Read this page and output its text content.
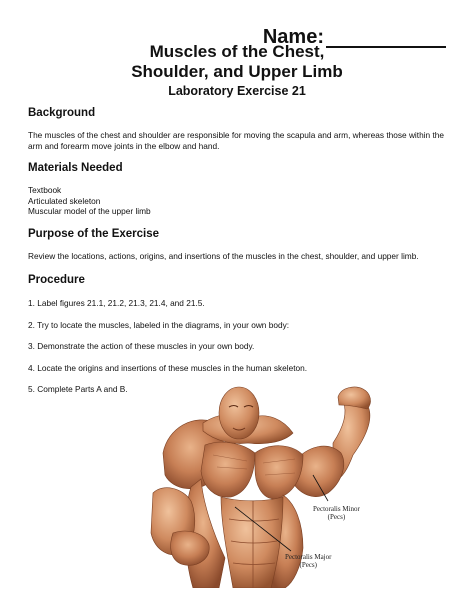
Name:

Muscles of the Chest,

Shoulder, and Upper Limb

Laboratory Exercise 21

Background

The muscles of the chest and shoulder are responsible for moving the scapula and arm, whereas those within the arm and forearm move joints in the elbow and hand.

Materials Needed

Textbook

Articulated skeleton

Muscular model of the upper limb

Purpose of the Exercise

Review the locations, actions, origins, and insertions of the muscles in the chest, shoulder, and upper limb.

Procedure

1. Label figures 21.1, 21.2, 21.3, 21.4, and 21.5.

2. Try to locate the muscles, labeled in the diagrams, in your own body:

3. Demonstrate the action of these muscles in your own body.

4. Locate the origins and insertions of these muscles in the human skeleton.

5. Complete Parts A and B.

Pectoralis Minor
(Pecs)
Pectoralis Major
(Pecs)
